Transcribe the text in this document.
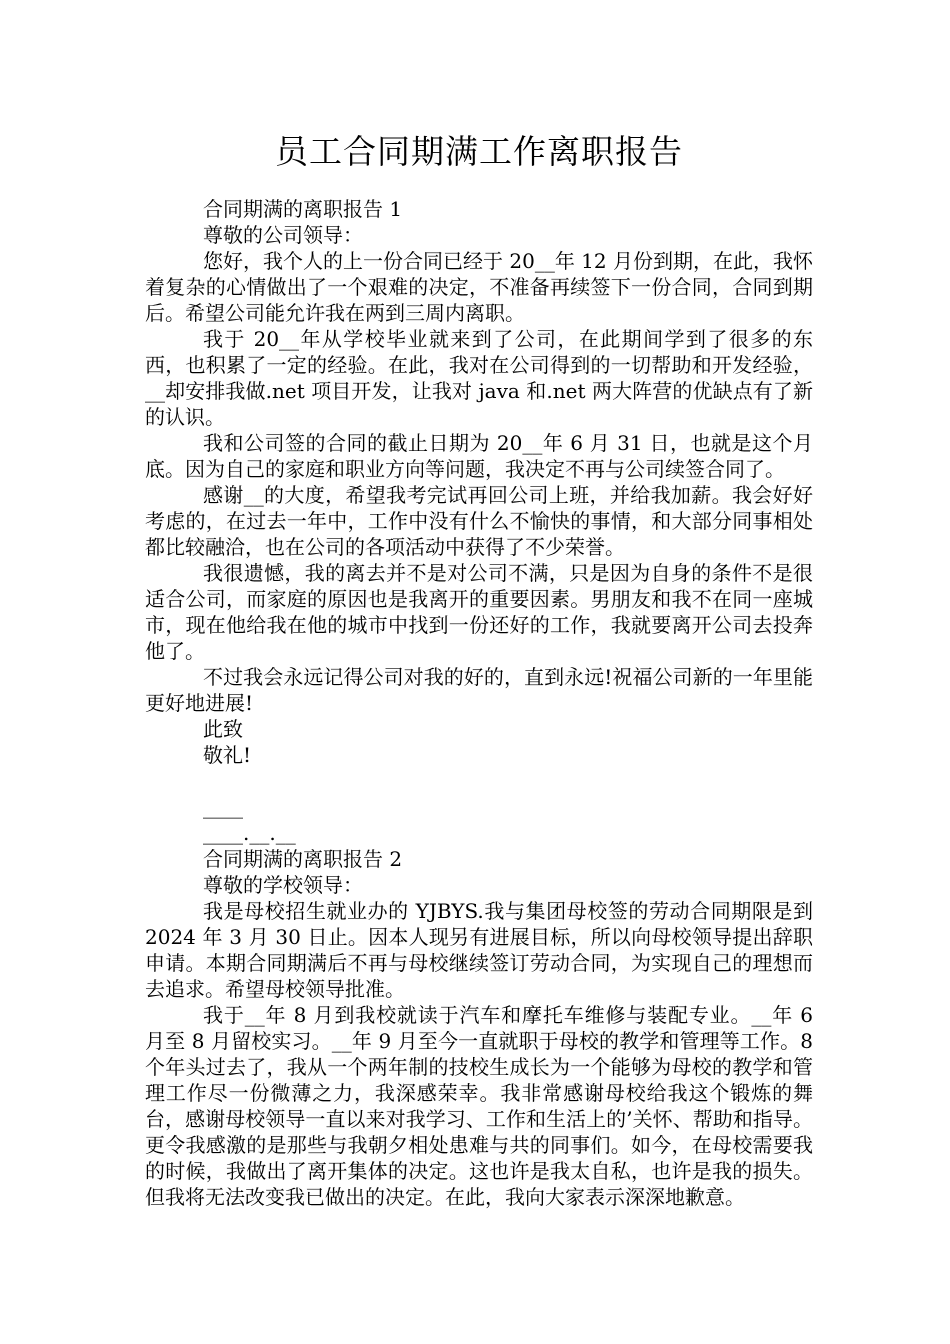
员工合同期满工作离职报告

合同期满的离职报告 1

尊敬的公司领导：

您好，我个人的上一份合同已经于 20__年 12 月份到期，在此，我怀着复杂的心情做出了一个艰难的决定，不准备再续签下一份合同，合同到期后。希望公司能允许我在两到三周内离职。

我于 20__年从学校毕业就来到了公司，在此期间学到了很多的东西，也积累了一定的经验。在此，我对在公司得到的一切帮助和开发经验，__却安排我做.net 项目开发，让我对 java 和.net 两大阵营的优缺点有了新的认识。

我和公司签的合同的截止日期为 20__年 6 月 31 日，也就是这个月底。因为自己的家庭和职业方向等问题，我决定不再与公司续签合同了。

感谢__的大度，希望我考完试再回公司上班，并给我加薪。我会好好考虑的，在过去一年中，工作中没有什么不愉快的事情，和大部分同事相处都比较融洽，也在公司的各项活动中获得了不少荣誉。

我很遗憾，我的离去并不是对公司不满，只是因为自身的条件不是很适合公司，而家庭的原因也是我离开的重要因素。男朋友和我不在同一座城市，现在他给我在他的城市中找到一份还好的工作，我就要离开公司去投奔他了。

不过我会永远记得公司对我的好的，直到永远!祝福公司新的一年里能更好地进展!

此致

敬礼!

____

____.__.__

合同期满的离职报告 2

尊敬的学校领导：

我是母校招生就业办的 YJBYS.我与集团母校签的劳动合同期限是到 2024 年 3 月 30 日止。因本人现另有进展目标，所以向母校领导提出辞职申请。本期合同期满后不再与母校继续签订劳动合同，为实现自己的理想而去追求。希望母校领导批准。

我于__年 8 月到我校就读于汽车和摩托车维修与装配专业。__年 6 月至 8 月留校实习。__年 9 月至今一直就职于母校的教学和管理等工作。8 个年头过去了，我从一个两年制的技校生成长为一个能够为母校的教学和管理工作尽一份微薄之力，我深感荣幸。我非常感谢母校给我这个锻炼的舞台，感谢母校领导一直以来对我学习、工作和生活上的’关怀、帮助和指导。更令我感激的是那些与我朝夕相处患难与共的同事们。如今，在母校需要我的时候，我做出了离开集体的决定。这也许是我太自私，也许是我的损失。但我将无法改变我已做出的决定。在此，我向大家表示深深地歉意。
